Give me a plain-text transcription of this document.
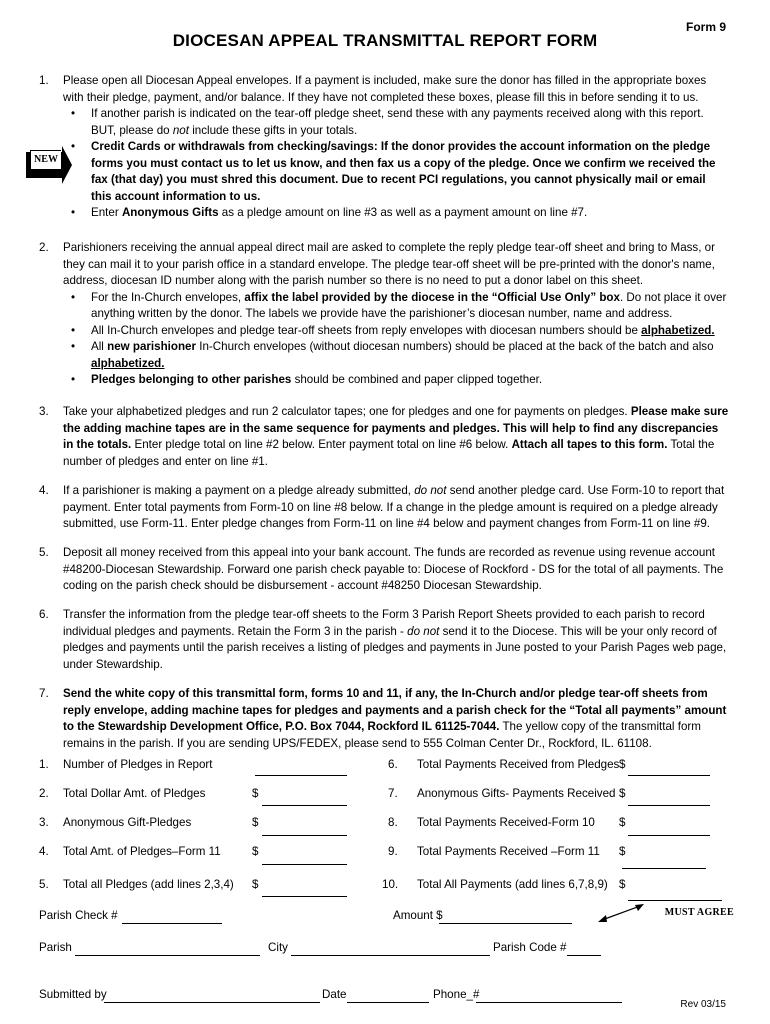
Form 9
DIOCESAN APPEAL TRANSMITTAL REPORT FORM
NEW
1. Please open all Diocesan Appeal envelopes. If a payment is included, make sure the donor has filled in the appropriate boxes with their pledge, payment, and/or balance. If they have not completed these boxes, please fill this in before sending it to us.
• If another parish is indicated on the tear-off pledge sheet, send these with any payments received along with this report. BUT, please do not include these gifts in your totals.
• Credit Cards or withdrawals from checking/savings: If the donor provides the account information on the pledge forms you must contact us to let us know, and then fax us a copy of the pledge. Once we confirm we received the fax (that day) you must shred this document. Due to recent PCI regulations, you cannot physically mail or email this account information to us.
• Enter Anonymous Gifts as a pledge amount on line #3 as well as a payment amount on line #7.
2. Parishioners receiving the annual appeal direct mail are asked to complete the reply pledge tear-off sheet and bring to Mass, or they can mail it to your parish office in a standard envelope. The pledge tear-off sheet will be pre-printed with the donor's name, address, diocesan ID number along with the parish number so there is no need to put a donor label on this sheet.
• For the In-Church envelopes, affix the label provided by the diocese in the “Official Use Only” box. Do not place it over anything written by the donor. The labels we provide have the parishioner’s diocesan number, name and address.
• All In-Church envelopes and pledge tear-off sheets from reply envelopes with diocesan numbers should be alphabetized.
• All new parishioner In-Church envelopes (without diocesan numbers) should be placed at the back of the batch and also alphabetized.
• Pledges belonging to other parishes should be combined and paper clipped together.
3. Take your alphabetized pledges and run 2 calculator tapes; one for pledges and one for payments on pledges. Please make sure the adding machine tapes are in the same sequence for payments and pledges. This will help to find any discrepancies in the totals. Enter pledge total on line #2 below. Enter payment total on line #6 below. Attach all tapes to this form. Total the number of pledges and enter on line #1.
4. If a parishioner is making a payment on a pledge already submitted, do not send another pledge card. Use Form-10 to report that payment. Enter total payments from Form-10 on line #8 below. If a change in the pledge amount is required on a pledge already submitted, use Form-11. Enter pledge changes from Form-11 on line #4 below and payment changes from Form-11 on line #9.
5. Deposit all money received from this appeal into your bank account. The funds are recorded as revenue using revenue account #48200-Diocesan Stewardship. Forward one parish check payable to: Diocese of Rockford - DS for the total of all payments. The coding on the parish check should be disbursement - account #48250 Diocesan Stewardship.
6. Transfer the information from the pledge tear-off sheets to the Form 3 Parish Report Sheets provided to each parish to record individual pledges and payments. Retain the Form 3 in the parish - do not send it to the Diocese. This will be your only record of pledges and payments until the parish receives a listing of pledges and payments in June posted to your Parish Pages web page, under Stewardship.
7. Send the white copy of this transmittal form, forms 10 and 11, if any, the In-Church and/or pledge tear-off sheets from reply envelope, adding machine tapes for pledges and payments and a parish check for the “Total all payments” amount to the Stewardship Development Office, P.O. Box 7044, Rockford IL 61125-7044. The yellow copy of the transmittal form remains in the parish. If you are sending UPS/FEDEX, please send to 555 Colman Center Dr., Rockford, IL. 61108.
1. Number of Pledges in Report
2. Total Dollar Amt. of Pledges	$
3. Anonymous Gift-Pledges	$
4. Total Amt. of Pledges–Form 11	$
5. Total all Pledges (add lines 2,3,4) $
6. Total Payments Received from Pledges $
7. Anonymous Gifts- Payments Received $
8. Total Payments Received-Form 10 $
9. Total Payments Received –Form 11 $
10. Total All Payments (add lines 6,7,8,9) $
Parish Check #	Amount $	MUST AGREE
Parish	City	Parish Code #
Submitted by	Date	Phone_#
Rev 03/15
